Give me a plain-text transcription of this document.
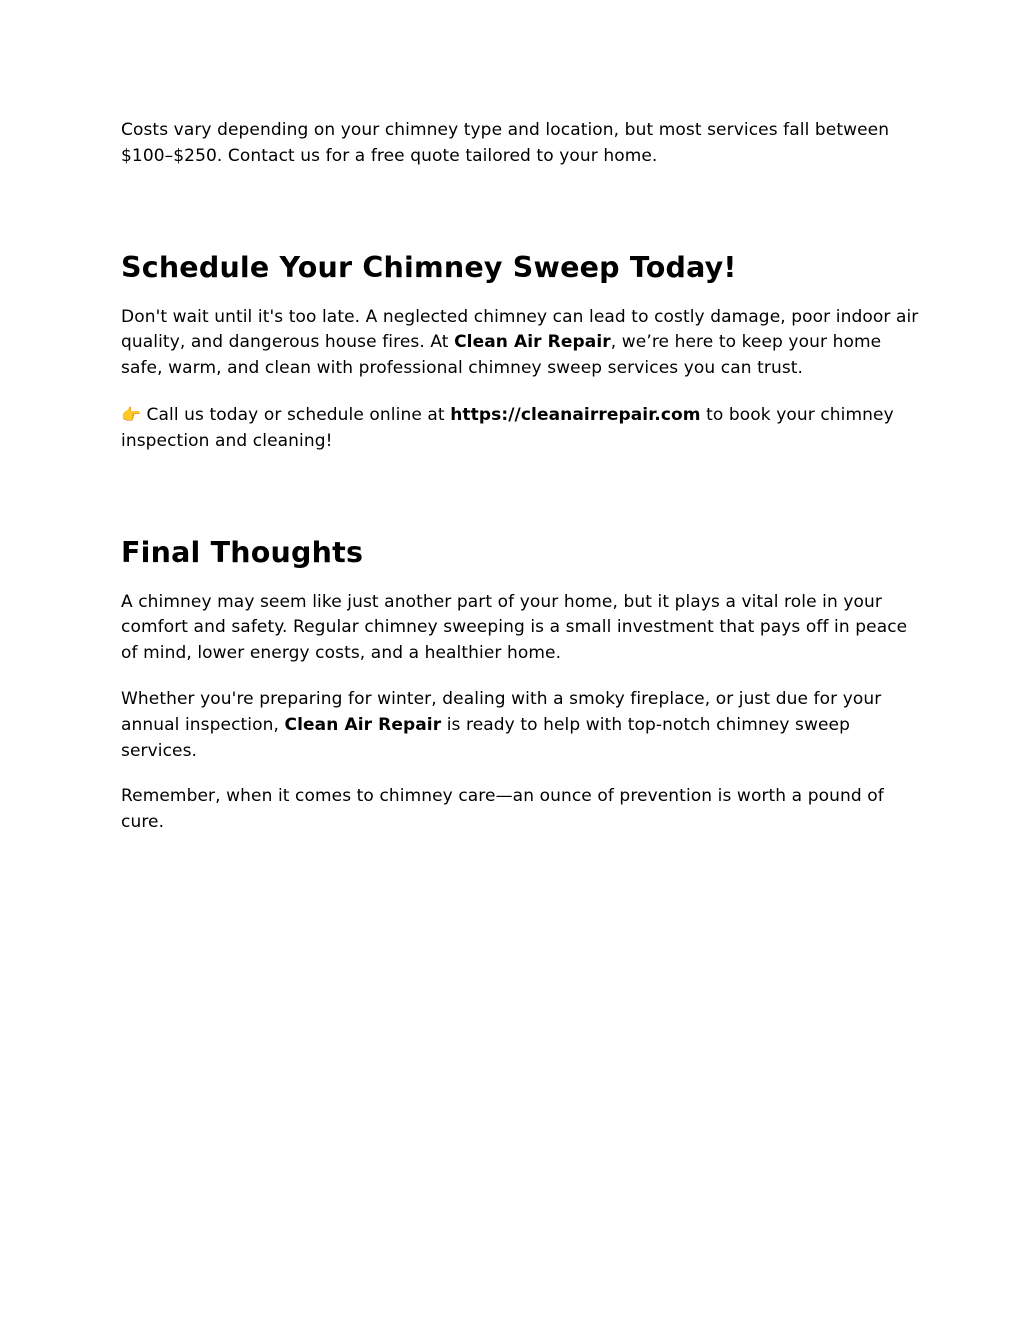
Costs vary depending on your chimney type and location, but most services fall between $100–$250. Contact us for a free quote tailored to your home.

Schedule Your Chimney Sweep Today!

Don't wait until it's too late. A neglected chimney can lead to costly damage, poor indoor air quality, and dangerous house fires. At Clean Air Repair, we’re here to keep your home safe, warm, and clean with professional chimney sweep services you can trust.

👉 Call us today or schedule online at https://cleanairrepair.com to book your chimney inspection and cleaning!

Final Thoughts

A chimney may seem like just another part of your home, but it plays a vital role in your comfort and safety. Regular chimney sweeping is a small investment that pays off in peace of mind, lower energy costs, and a healthier home.

Whether you're preparing for winter, dealing with a smoky fireplace, or just due for your annual inspection, Clean Air Repair is ready to help with top-notch chimney sweep services.

Remember, when it comes to chimney care—an ounce of prevention is worth a pound of cure.
